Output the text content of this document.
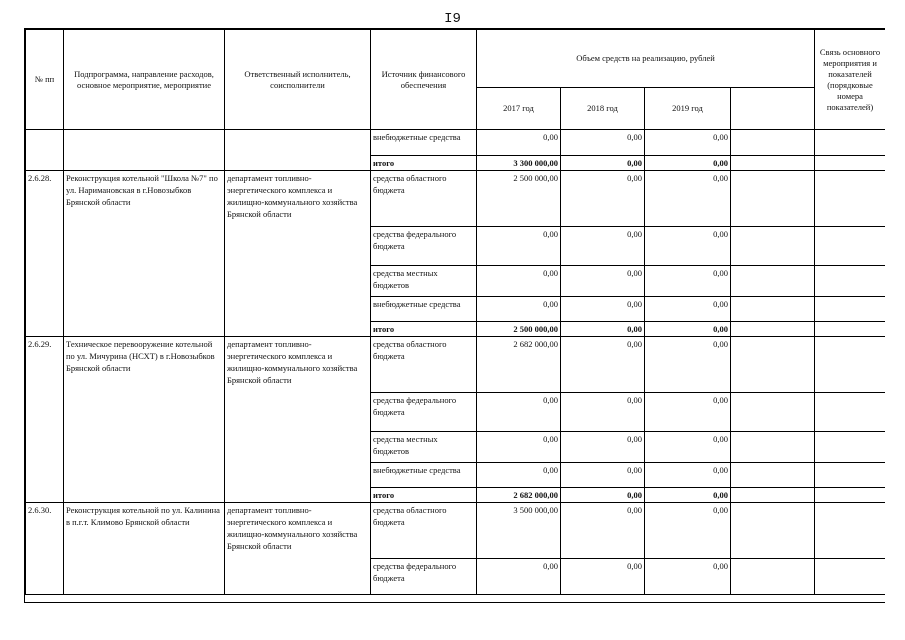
I9
№ пп	Подпрограмма, направление расходов, основное мероприятие, мероприятие	Ответственный исполнитель, соисполнители	Источник финансового обеспечения	Объем средств на реализацию, рублей				Связь основного мероприятия и показателей (порядковые номера показателей)
				2017 год	2018 год	2019 год		
			внебюджетные средства	0,00	0,00	0,00		
			итого	3 300 000,00	0,00	0,00		
2.6.28.	Реконструкция котельной "Школа №7" по ул. Наримановская в г.Новозыбков Брянской области	департамент топливно-энергетического комплекса и жилищно-коммунального хозяйства Брянской области	средства областного бюджета	2 500 000,00	0,00	0,00		
			средства федерального бюджета	0,00	0,00	0,00		
			средства местных бюджетов	0,00	0,00	0,00		
			внебюджетные средства	0,00	0,00	0,00		
			итого	2 500 000,00	0,00	0,00		
2.6.29.	Техническое перевооружение котельной по ул. Мичурина (НСХТ) в г.Новозыбков Брянской области	департамент топливно-энергетического комплекса и жилищно-коммунального хозяйства Брянской области	средства областного бюджета	2 682 000,00	0,00	0,00		
			средства федерального бюджета	0,00	0,00	0,00		
			средства местных бюджетов	0,00	0,00	0,00		
			внебюджетные средства	0,00	0,00	0,00		
			итого	2 682 000,00	0,00	0,00		
2.6.30.	Реконструкция котельной по ул. Калинина в п.г.т. Климово Брянской области	департамент топливно-энергетического комплекса и жилищно-коммунального хозяйства Брянской области	средства областного бюджета	3 500 000,00	0,00	0,00		
			средства федерального бюджета	0,00	0,00	0,00		
